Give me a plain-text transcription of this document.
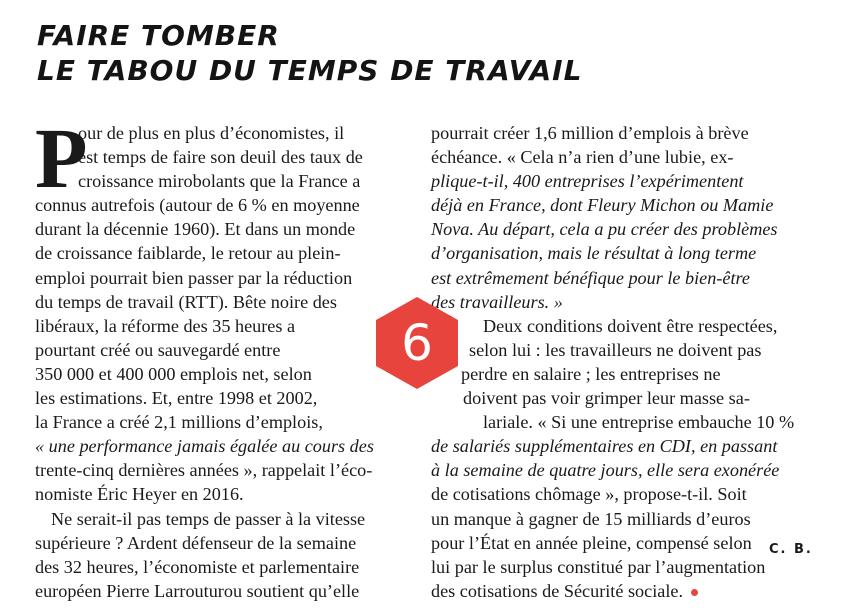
FAIRE TOMBER
LE TABOU DU TEMPS DE TRAVAIL
P

our de plus en plus d’économistes, il
est temps de faire son deuil des taux de
croissance mirobolants que la France a
connus autrefois (autour de 6 % en moyenne
durant la décennie 1960). Et dans un monde
de croissance faiblarde, le retour au plein-
emploi pourrait bien passer par la réduction
du temps de travail (RTT). Bête noire des
libéraux, la réforme des 35 heures a
pourtant créé ou sauvegardé entre
350 000 et 400 000 emplois net, selon
les estimations. Et, entre 1998 et 2002,
la France a créé 2,1 millions d’emplois,
« une performance jamais égalée au cours des
trente-cinq dernières années », rappelait l’éco-
nomiste Éric Heyer en 2016.

Ne serait-il pas temps de passer à la vitesse
supérieure ? Ardent défenseur de la semaine
des 32 heures, l’économiste et parlementaire
européen Pierre Larrouturou soutient qu’elle

pourrait créer 1,6 million d’emplois à brève
échéance. « Cela n’a rien d’une lubie, ex-
plique-t-il, 400 entreprises l’expérimentent
déjà en France, dont Fleury Michon ou Mamie
Nova. Au départ, cela a pu créer des problèmes
d’organisation, mais le résultat à long terme
est extrêmement bénéfique pour le bien-être
des travailleurs. »

Deux conditions doivent être respectées,
selon lui : les travailleurs ne doivent pas
perdre en salaire ; les entreprises ne
doivent pas voir grimper leur masse sa-
lariale. « Si une entreprise embauche 10 %
de salariés supplémentaires en CDI, en passant
à la semaine de quatre jours, elle sera exonérée
de cotisations chômage », propose-t-il. Soit
un manque à gagner de 15 milliards d’euros
pour l’État en année pleine, compensé selon
lui par le surplus constitué par l’augmentation
des cotisations de Sécurité sociale.

6
C. B.
